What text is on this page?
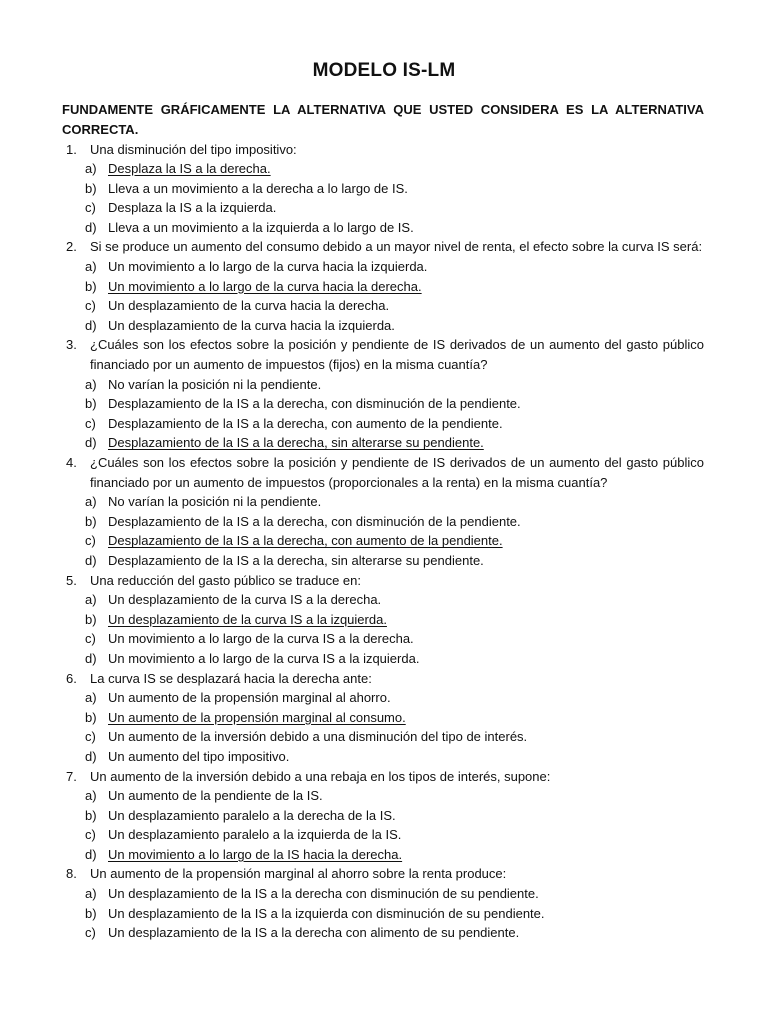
MODELO IS-LM
FUNDAMENTE GRÁFICAMENTE LA ALTERNATIVA QUE USTED CONSIDERA ES LA ALTERNATIVA CORRECTA.
1. Una disminución del tipo impositivo:
a) Desplaza la IS a la derecha.
b) Lleva a un movimiento a la derecha a lo largo de IS.
c) Desplaza la IS a la izquierda.
d) Lleva a un movimiento a la izquierda a lo largo de IS.
2. Si se produce un aumento del consumo debido a un mayor nivel de renta, el efecto sobre la curva IS será:
a) Un movimiento a lo largo de la curva hacia la izquierda.
b) Un movimiento a lo largo de la curva hacia la derecha.
c) Un desplazamiento de la curva hacia la derecha.
d) Un desplazamiento de la curva hacia la izquierda.
3. ¿Cuáles son los efectos sobre la posición y pendiente de IS derivados de un aumento del gasto público financiado por un aumento de impuestos (fijos) en la misma cuantía?
a) No varían la posición ni la pendiente.
b) Desplazamiento de la IS a la derecha, con disminución de la pendiente.
c) Desplazamiento de la IS a la derecha, con aumento de la pendiente.
d) Desplazamiento de la IS a la derecha, sin alterarse su pendiente.
4. ¿Cuáles son los efectos sobre la posición y pendiente de IS derivados de un aumento del gasto público financiado por un aumento de impuestos (proporcionales a la renta) en la misma cuantía?
a) No varían la posición ni la pendiente.
b) Desplazamiento de la IS a la derecha, con disminución de la pendiente.
c) Desplazamiento de la IS a la derecha, con aumento de la pendiente.
d) Desplazamiento de la IS a la derecha, sin alterarse su pendiente.
5. Una reducción del gasto público se traduce en:
a) Un desplazamiento de la curva IS a la derecha.
b) Un desplazamiento de la curva IS a la izquierda.
c) Un movimiento a lo largo de la curva IS a la derecha.
d) Un movimiento a lo largo de la curva IS a la izquierda.
6. La curva IS se desplazará hacia la derecha ante:
a) Un aumento de la propensión marginal al ahorro.
b) Un aumento de la propensión marginal al consumo.
c) Un aumento de la inversión debido a una disminución del tipo de interés.
d) Un aumento del tipo impositivo.
7. Un aumento de la inversión debido a una rebaja en los tipos de interés, supone:
a) Un aumento de la pendiente de la IS.
b) Un desplazamiento paralelo a la derecha de la IS.
c) Un desplazamiento paralelo a la izquierda de la IS.
d) Un movimiento a lo largo de la IS hacia la derecha.
8. Un aumento de la propensión marginal al ahorro sobre la renta produce:
a) Un desplazamiento de la IS a la derecha con disminución de su pendiente.
b) Un desplazamiento de la IS a la izquierda con disminución de su pendiente.
c) Un desplazamiento de la IS a la derecha con alimento de su pendiente.
